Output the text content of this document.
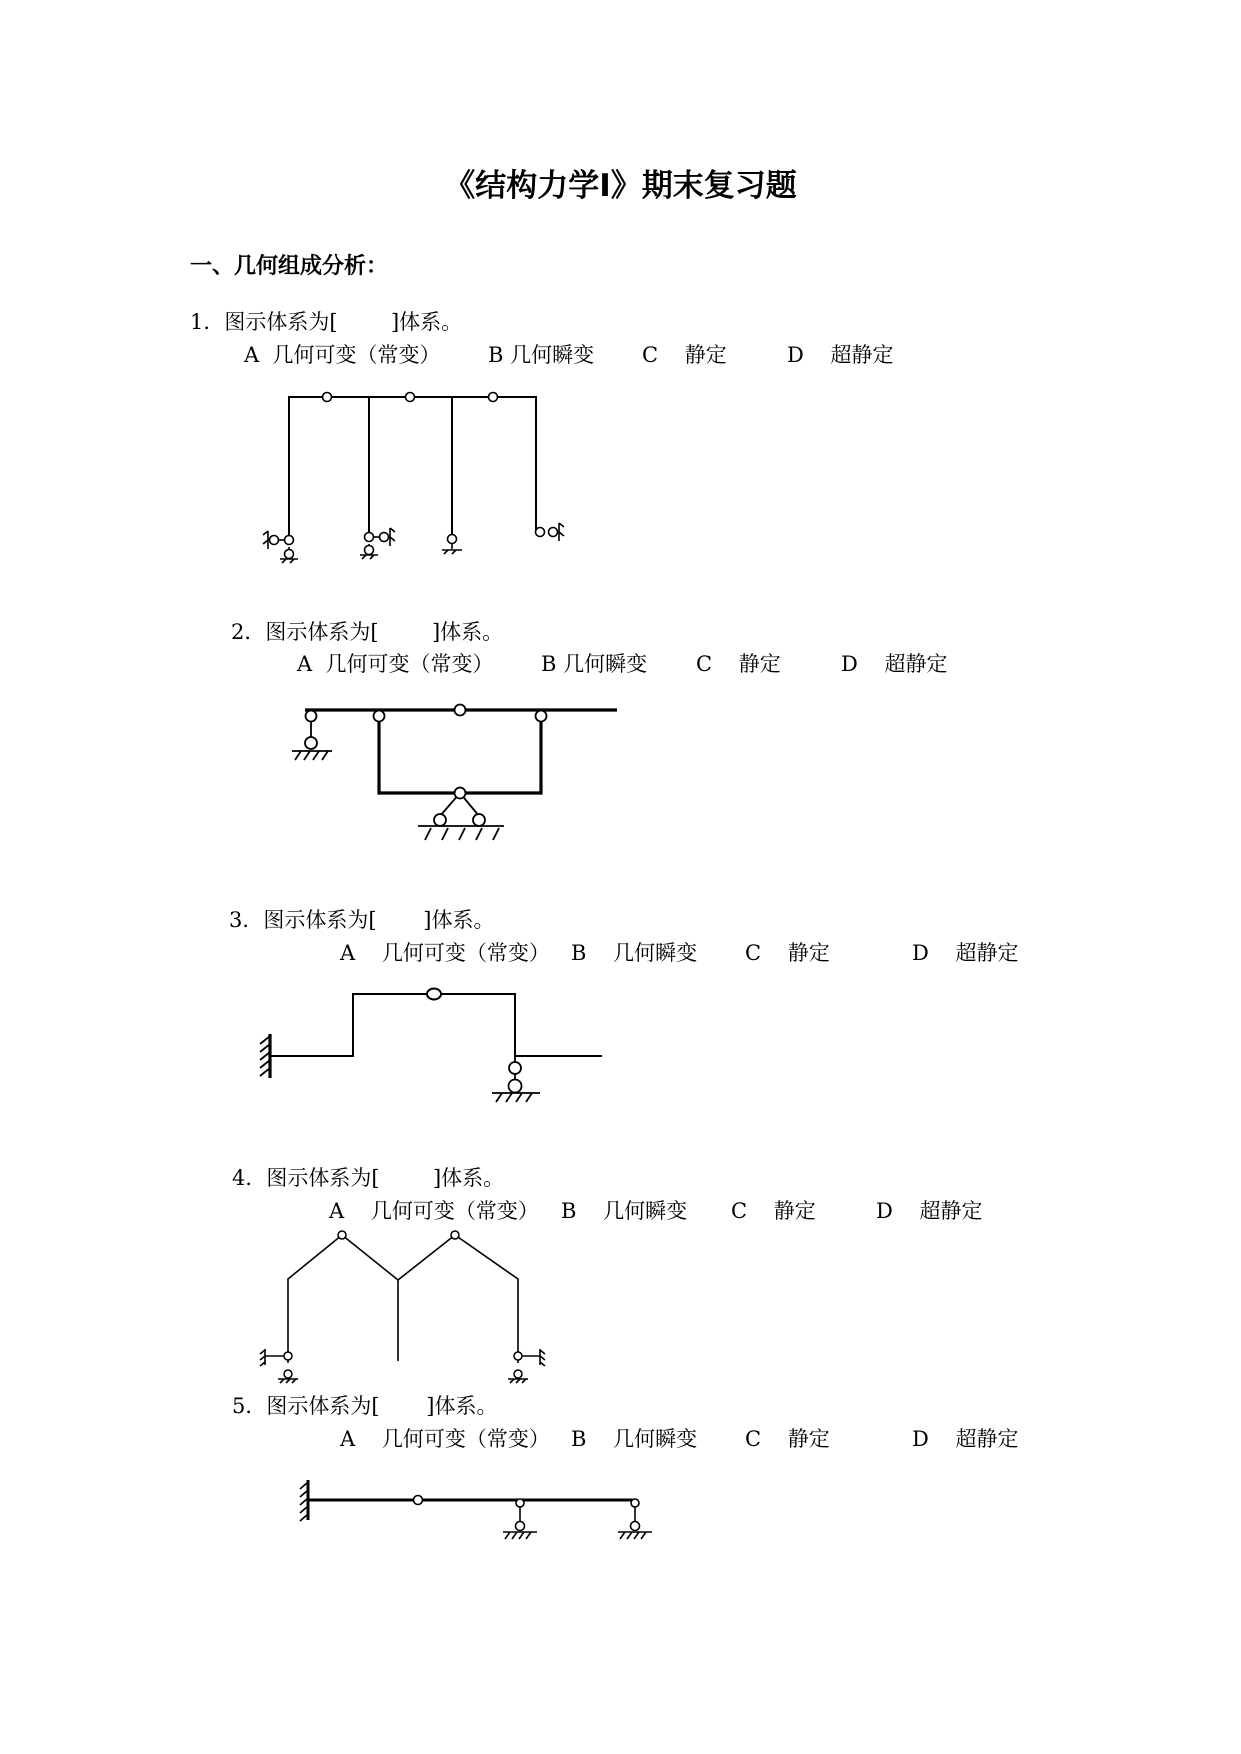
《结构力学Ⅰ》期末复习题
一、几何组成分析：
1．图示体系为[        ]体系。
A  几何可变（常变） B 几何瞬变 C    静定	D    超静定
2．图示体系为[        ]体系。
A  几何可变（常变） B 几何瞬变 C    静定	D    超静定
3．图示体系为[       ]体系。
A    几何可变（常变） B    几何瞬变 C    静定	D    超静定
4．图示体系为[        ]体系。
A    几何可变（常变） B    几何瞬变 C    静定	D    超静定
5．图示体系为[       ]体系。
A    几何可变（常变） B    几何瞬变 C    静定	D    超静定
